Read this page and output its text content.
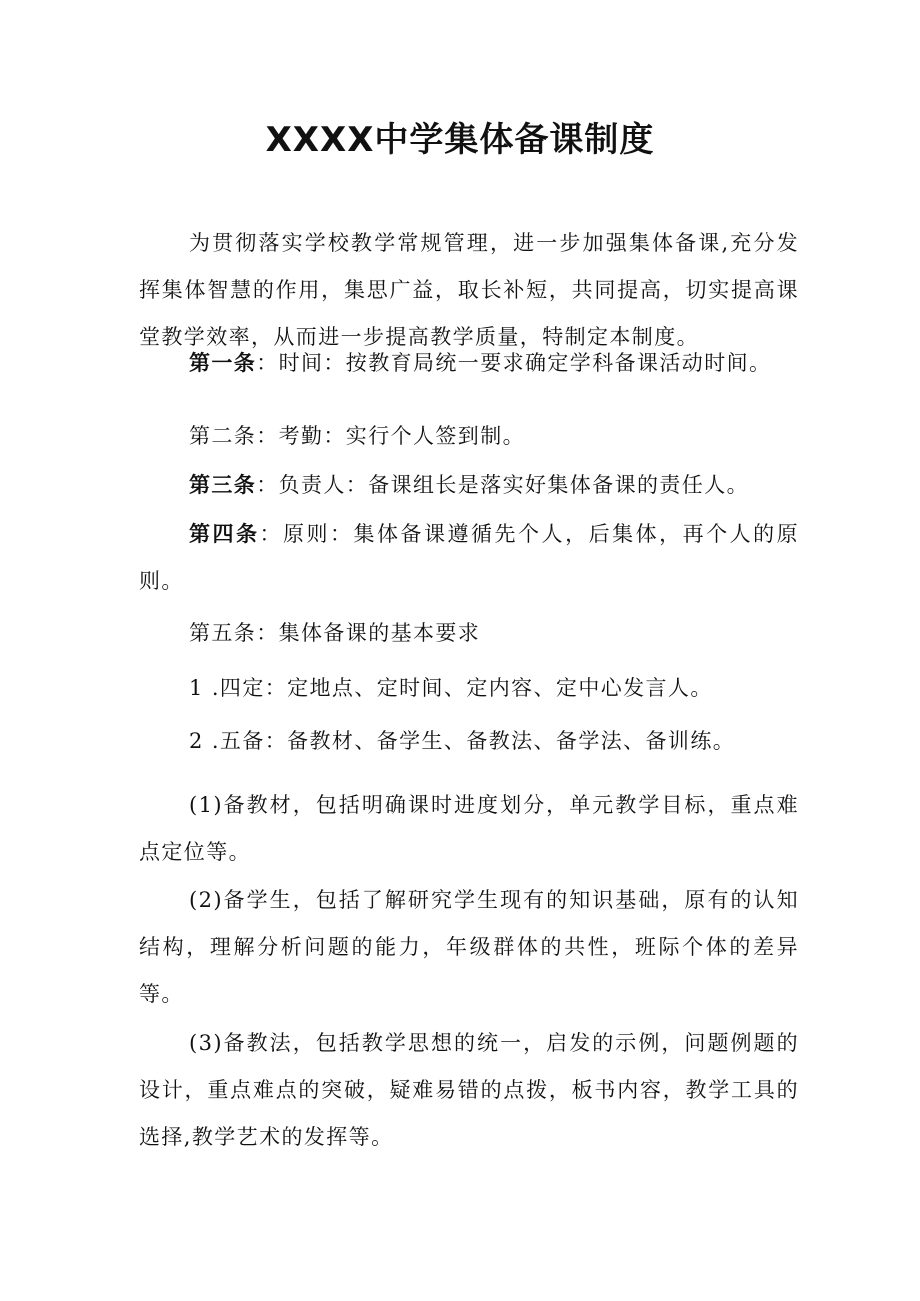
XXXX中学集体备课制度

为贯彻落实学校教学常规管理，进一步加强集体备课,充分发挥集体智慧的作用，集思广益，取长补短，共同提高，切实提高课堂教学效率，从而进一步提高教学质量，特制定本制度。

第一条：时间：按教育局统一要求确定学科备课活动时间。

第二条：考勤：实行个人签到制。

第三条：负责人：备课组长是落实好集体备课的责任人。

第四条：原则：集体备课遵循先个人，后集体，再个人的原则。

第五条：集体备课的基本要求

1 .四定：定地点、定时间、定内容、定中心发言人。

2 .五备：备教材、备学生、备教法、备学法、备训练。

(1)备教材，包括明确课时进度划分，单元教学目标，重点难点定位等。

(2)备学生，包括了解研究学生现有的知识基础，原有的认知结构，理解分析问题的能力，年级群体的共性，班际个体的差异等。

(3)备教法，包括教学思想的统一，启发的示例，问题例题的设计，重点难点的突破，疑难易错的点拨，板书内容，教学工具的选择,教学艺术的发挥等。
